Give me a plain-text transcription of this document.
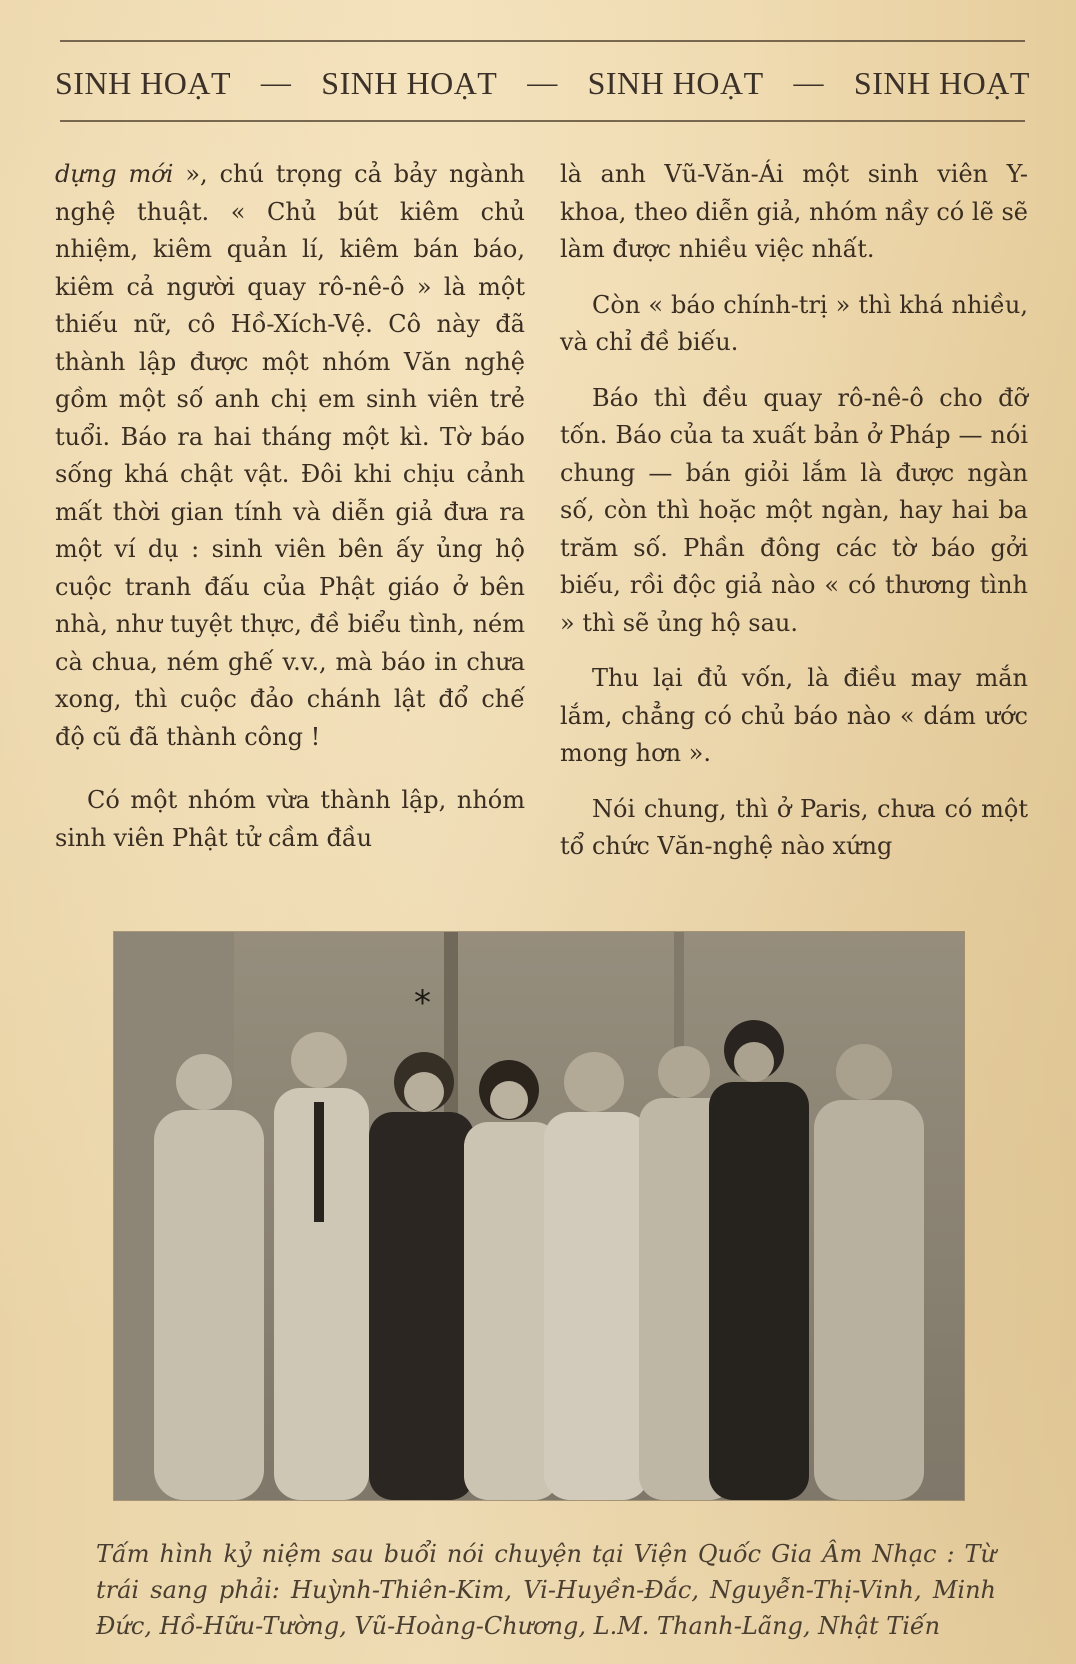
SINH HOẠT — SINH HOẠT — SINH HOẠT — SINH HOẠT

dựng mới », chú trọng cả bảy ngành nghệ thuật. « Chủ bút kiêm chủ nhiệm, kiêm quản lí, kiêm bán báo, kiêm cả người quay rô-nê-ô » là một thiếu nữ, cô Hồ-Xích-Vệ. Cô này đã thành lập được một nhóm Văn nghệ gồm một số anh chị em sinh viên trẻ tuổi. Báo ra hai tháng một kì. Tờ báo sống khá chật vật. Đôi khi chịu cảnh mất thời gian tính và diễn giả đưa ra một ví dụ : sinh viên bên ấy ủng hộ cuộc tranh đấu của Phật giáo ở bên nhà, như tuyệt thực, đề biểu tình, ném cà chua, ném ghế v.v., mà báo in chưa xong, thì cuộc đảo chánh lật đổ chế độ cũ đã thành công !

Có một nhóm vừa thành lập, nhóm sinh viên Phật tử cầm đầu

là anh Vũ-Văn-Ái một sinh viên Y-khoa, theo diễn giả, nhóm nầy có lẽ sẽ làm được nhiều việc nhất.

Còn « báo chính-trị » thì khá nhiều, và chỉ đề biếu.

Báo thì đều quay rô-nê-ô cho đỡ tốn. Báo của ta xuất bản ở Pháp — nói chung — bán giỏi lắm là được ngàn số, còn thì hoặc một ngàn, hay hai ba trăm số. Phần đông các tờ báo gởi biếu, rồi độc giả nào « có thương tình » thì sẽ ủng hộ sau.

Thu lại đủ vốn, là điều may mắn lắm, chẳng có chủ báo nào « dám ước mong hơn ».

Nói chung, thì ở Paris, chưa có một tổ chức Văn-nghệ nào xứng

*
Tấm hình kỷ niệm sau buổi nói chuyện tại Viện Quốc Gia Âm Nhạc : Từ trái sang phải: Huỳnh-Thiên-Kim, Vi-Huyền-Đắc, Nguyễn-Thị-Vinh, Minh Đức, Hồ-Hữu-Tường, Vũ-Hoàng-Chương, L.M. Thanh-Lãng, Nhật Tiến
